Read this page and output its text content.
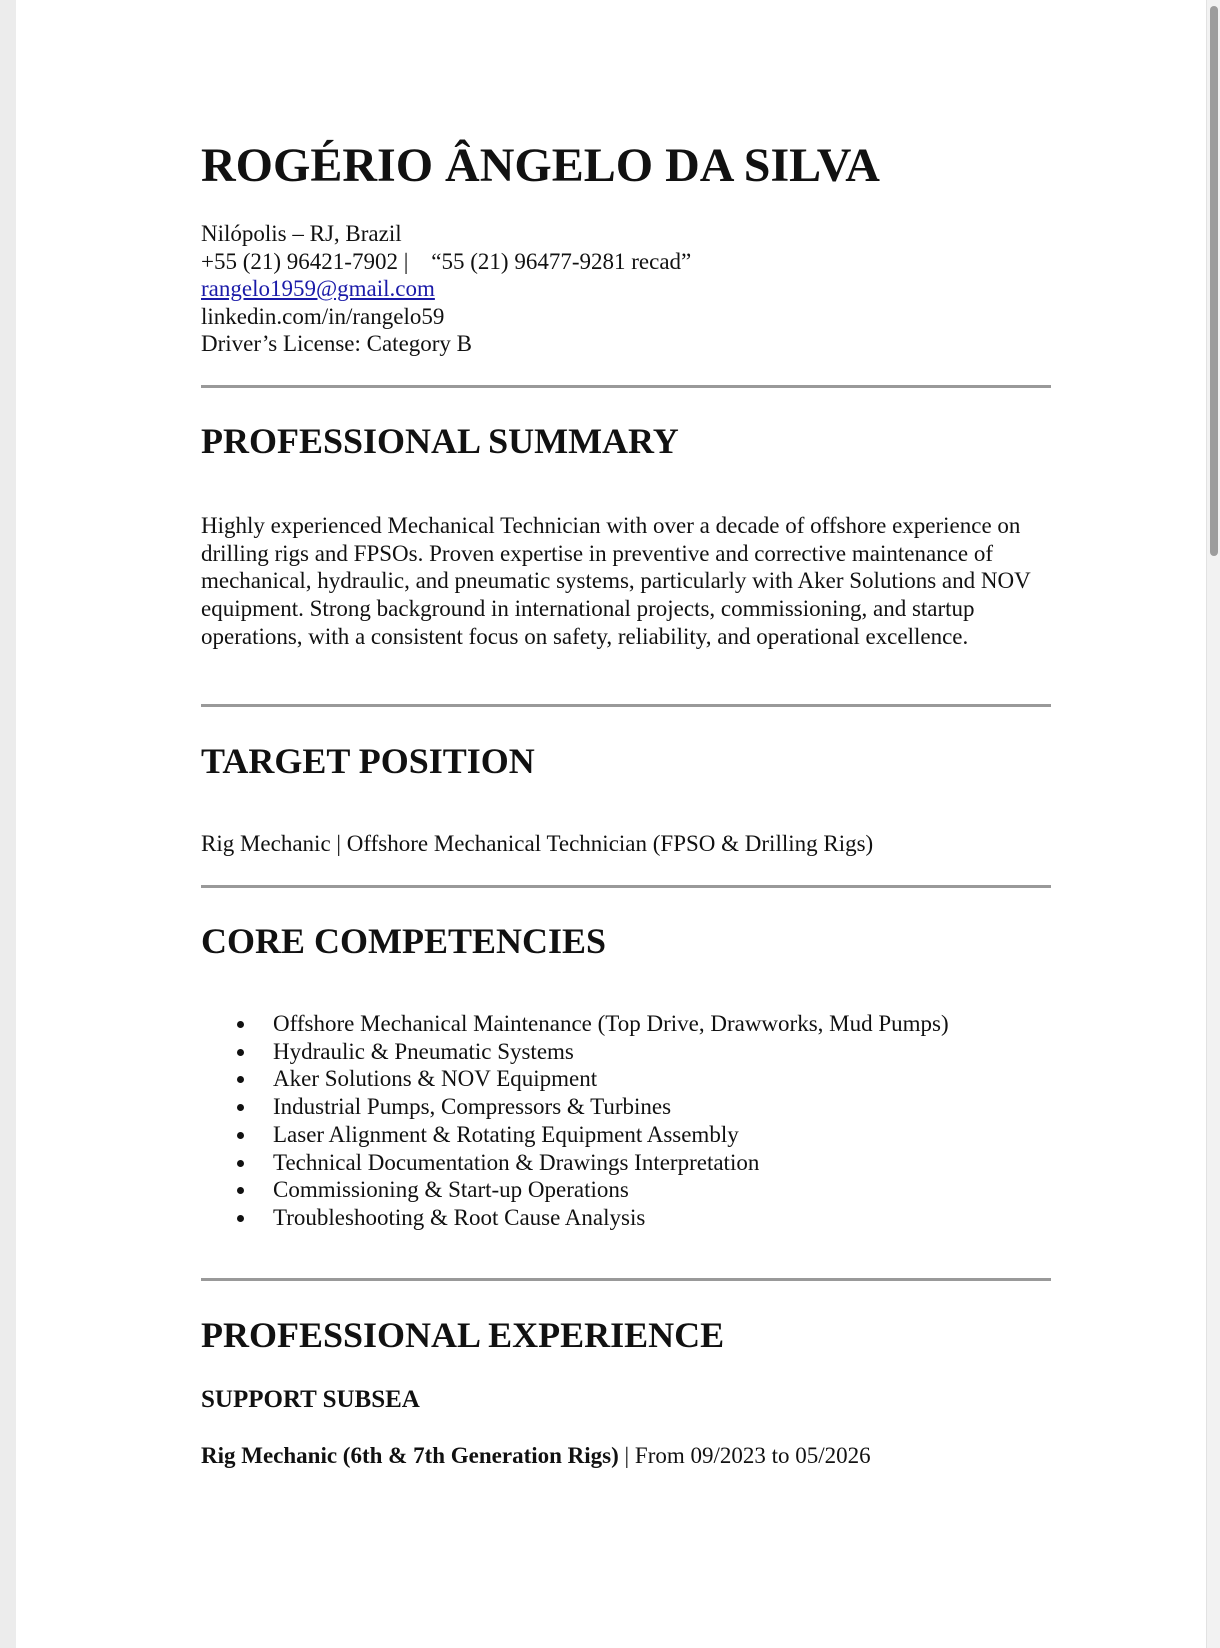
ROGÉRIO ÂNGELO DA SILVA
Nilópolis – RJ, Brazil
+55 (21) 96421-7902 |    “55 (21) 96477-9281 recad”
rangelo1959@gmail.com
linkedin.com/in/rangelo59
Driver’s License: Category B
PROFESSIONAL SUMMARY

Highly experienced Mechanical Technician with over a decade of offshore experience on drilling rigs and FPSOs. Proven expertise in preventive and corrective maintenance of mechanical, hydraulic, and pneumatic systems, particularly with Aker Solutions and NOV equipment. Strong background in international projects, commissioning, and startup operations, with a consistent focus on safety, reliability, and operational excellence.

TARGET POSITION

Rig Mechanic | Offshore Mechanical Technician (FPSO & Drilling Rigs)

CORE COMPETENCIES
Offshore Mechanical Maintenance (Top Drive, Drawworks, Mud Pumps)
Hydraulic & Pneumatic Systems
Aker Solutions & NOV Equipment
Industrial Pumps, Compressors & Turbines
Laser Alignment & Rotating Equipment Assembly
Technical Documentation & Drawings Interpretation
Commissioning & Start-up Operations
Troubleshooting & Root Cause Analysis
PROFESSIONAL EXPERIENCE
SUPPORT SUBSEA
Rig Mechanic (6th & 7th Generation Rigs) | From 09/2023 to 05/2026
